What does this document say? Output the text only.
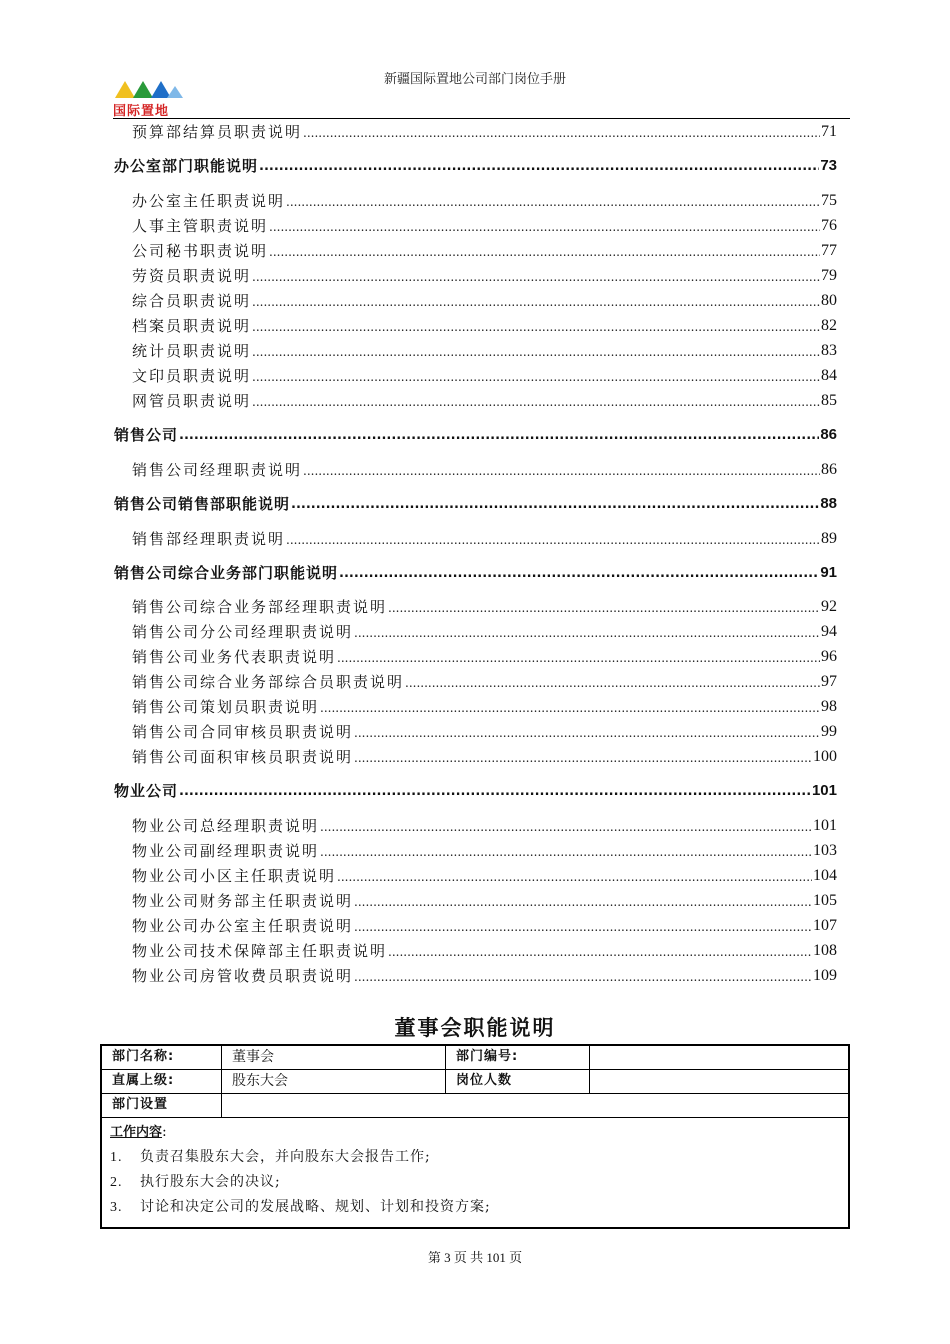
新疆国际置地公司部门岗位手册
国际置地
预算部结算员职责说明 .....	71
办公室部门职能说明 .....	73
办公室主任职责说明 .....	75
人事主管职责说明 .....	76
公司秘书职责说明 .....	77
劳资员职责说明 .....	79
综合员职责说明 .....	80
档案员职责说明 .....	82
统计员职责说明 .....	83
文印员职责说明 .....	84
网管员职责说明 .....	85
销售公司 .....	86
销售公司经理职责说明 .....	86
销售公司销售部职能说明 .....	88
销售部经理职责说明 .....	89
销售公司综合业务部门职能说明 .....	91
销售公司综合业务部经理职责说明 .....	92
销售公司分公司经理职责说明 .....	94
销售公司业务代表职责说明 .....	96
销售公司综合业务部综合员职责说明 .....	97
销售公司策划员职责说明 .....	98
销售公司合同审核员职责说明 .....	99
销售公司面积审核员职责说明 .....	100
物业公司 .....	101
物业公司总经理职责说明 .....	101
物业公司副经理职责说明 .....	103
物业公司小区主任职责说明 .....	104
物业公司财务部主任职责说明 .....	105
物业公司办公室主任职责说明 .....	107
物业公司技术保障部主任职责说明 .....	108
物业公司房管收费员职责说明 .....	109
董事会职能说明
部门名称:	董事会	部门编号:
直属上级:	股东大会	岗位人数
部门设置
工作内容:
1. 负责召集股东大会，并向股东大会报告工作;
2. 执行股东大会的决议;
3. 讨论和决定公司的发展战略、规划、计划和投资方案;
第 3 页 共 101 页
